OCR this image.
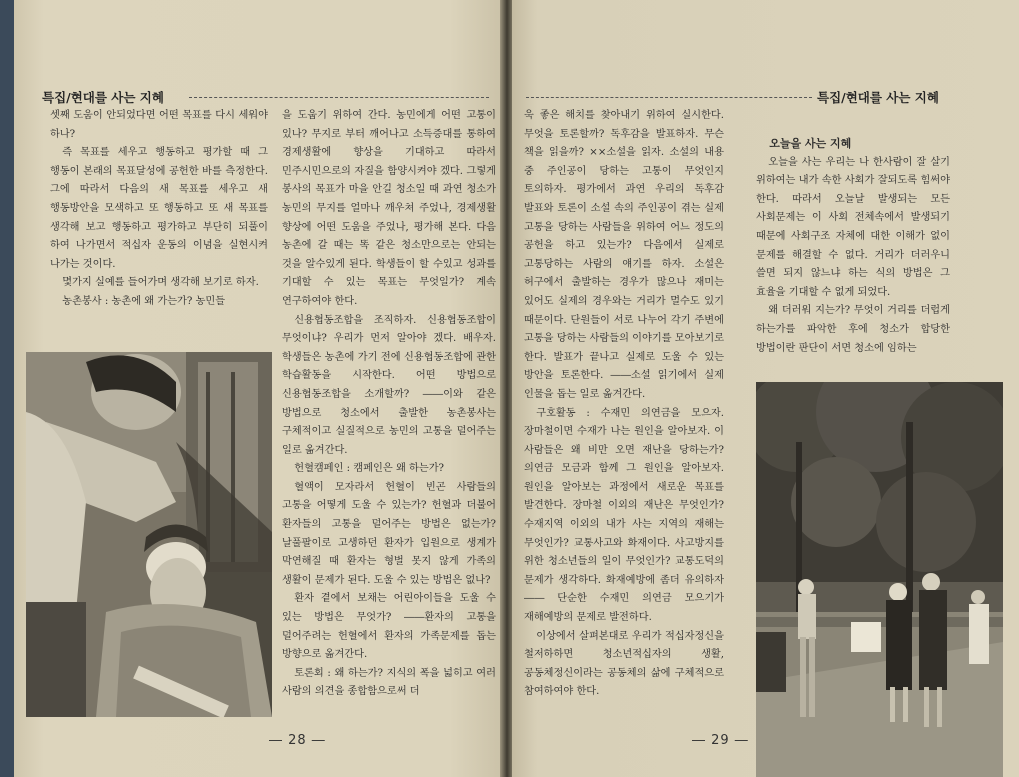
특집/현대를 사는 지혜

셋째 도움이 안되었다면 어떤 목표를 다시 세워야 하나?

즉 목표를 세우고 행동하고 평가할 때 그 행동이 본래의 목표달성에 공헌한 바를 측정한다. 그에 따라서 다음의 새 목표를 세우고 새 행동방안을 모색하고 또 행동하고 또 새 목표를 생각해 보고 행동하고 평가하고 부단히 되풀이 하여 나가면서 적십자 운동의 이념을 실현시켜 나가는 것이다.

몇가지 실예를 들어가며 생각해 보기로 하자.

농촌봉사 : 농촌에 왜 가는가? 농민들

을 도웁기 위하여 간다. 농민에게 어떤 고통이 있나? 무지로 부터 깨어나고 소득증대를 통하여 경제생활에 향상을 기대하고 따라서 민주시민으로의 자질을 함양시켜야 겠다. 그렇게 봉사의 목표가 마을 안길 청소일 때 과연 청소가 농민의 무지를 얼마나 깨우쳐 주었나, 경제생활 향상에 어떤 도움을 주었나, 평가해 본다. 다음 농촌에 갈 때는 똑 같은 청소만으로는 안되는 것을 알수있게 된다. 학생들이 할 수있고 성과를 기대할 수 있는 목표는 무엇일가? 계속 연구하여야 한다.

신용협동조합을 조직하자. 신용협동조합이 무엇이냐? 우리가 먼저 알아야 겠다. 배우자. 학생들은 농촌에 가기 전에 신용협동조합에 관한 학습활동을 시작한다. 어떤 방법으로 신용협동조합을 소개할까? ――이와 같은 방법으로 청소에서 출발한 농촌봉사는 구체적이고 실질적으로 농민의 고통을 덜어주는 일로 옮겨간다.

헌혈캠페인 : 캠페인은 왜 하는가?

혈액이 모자라서 헌혈이 빈곤 사람들의 고통을 어떻게 도울 수 있는가? 헌혈과 더불어 환자들의 고통을 덜어주는 방법은 없는가? 날풀팔이로 고생하던 환자가 입원으로 생계가 막연해질 때 환자는 형벌 못지 않게 가족의 생활이 문제가 된다. 도울 수 있는 방법은 없나?

환자 곁에서 보채는 어린아이들을 도울 수 있는 방법은 무엇가? ――환자의 고통을 덜어주려는 헌혈에서 환자의 가족문제를 돕는 방향으로 옮겨간다.

토론회 : 왜 하는가? 지식의 폭을 넓히고 여러 사람의 의견을 종합함으로써 더

― 28 ―
특집/현대를 사는 지혜

욱 좋은 해치를 찾아내기 위하여 실시한다. 무엇을 토론할까? 독후감을 발표하자. 무슨 책을 읽을까? ××소설을 읽자. 소설의 내용 중 주인공이 당하는 고통이 무엇인지 토의하자. 평가에서 과연 우리의 독후감 발표와 토론이 소설 속의 주인공이 겪는 실제 고통을 당하는 사람들을 위하여 어느 정도의 공헌을 하고 있는가? 다음에서 실제로 고통당하는 사람의 얘기를 하자. 소설은 허구에서 출발하는 경우가 많으나 재미는 있어도 실제의 경우와는 거리가 멀수도 있기 때문이다. 단원들이 서로 나누어 각기 주변에 고통을 당하는 사람들의 이야기를 모아보기로 한다. 발표가 끝나고 실제로 도울 수 있는 방안을 토론한다. ――소설 읽기에서 실제 인물을 돕는 일로 옮겨간다.

구호활동 : 수재민 의연금을 모으자. 장마철이면 수재가 나는 원인을 알아보자. 이 사람들은 왜 비만 오면 재난을 당하는가? 의연금 모금과 함께 그 원인을 알아보자. 원인을 알아보는 과정에서 새로운 목표를 발견한다. 장마철 이외의 재난은 무엇인가? 수재지역 이외의 내가 사는 지역의 재해는 무엇인가? 교통사고와 화재이다. 사고방지를 위한 청소년들의 일이 무엇인가? 교통도덕의 문제가 생각하다. 화재예방에 좀더 유의하자―― 단순한 수재민 의연금 모으기가 재해예방의 문제로 발전하다.

이상에서 살펴본대로 우리가 적십자정신을 철저하하면 청소년적십자의 생활, 공동체정신이라는 공동체의 삶에 구체적으로 참여하여야 한다.

오늘을 사는 지혜

오늘을 사는 우리는 나 한사람이 잘 살기 위하여는 내가 속한 사회가 잘되도록 힘써야 한다. 따라서 오늘날 발생되는 모든 사회문제는 이 사회 전체속에서 발생되기 때문에 사회구조 자체에 대한 이해가 없이 문제를 해결할 수 없다. 거리가 더러우니 쓸면 되지 않느냐 하는 식의 방법은 그 효율을 기대할 수 없게 되었다.

왜 더러워 지는가? 무엇이 거리를 더럽게 하는가를 파악한 후에 청소가 합당한 방법이란 판단이 서면 청소에 임하는

― 29 ―
